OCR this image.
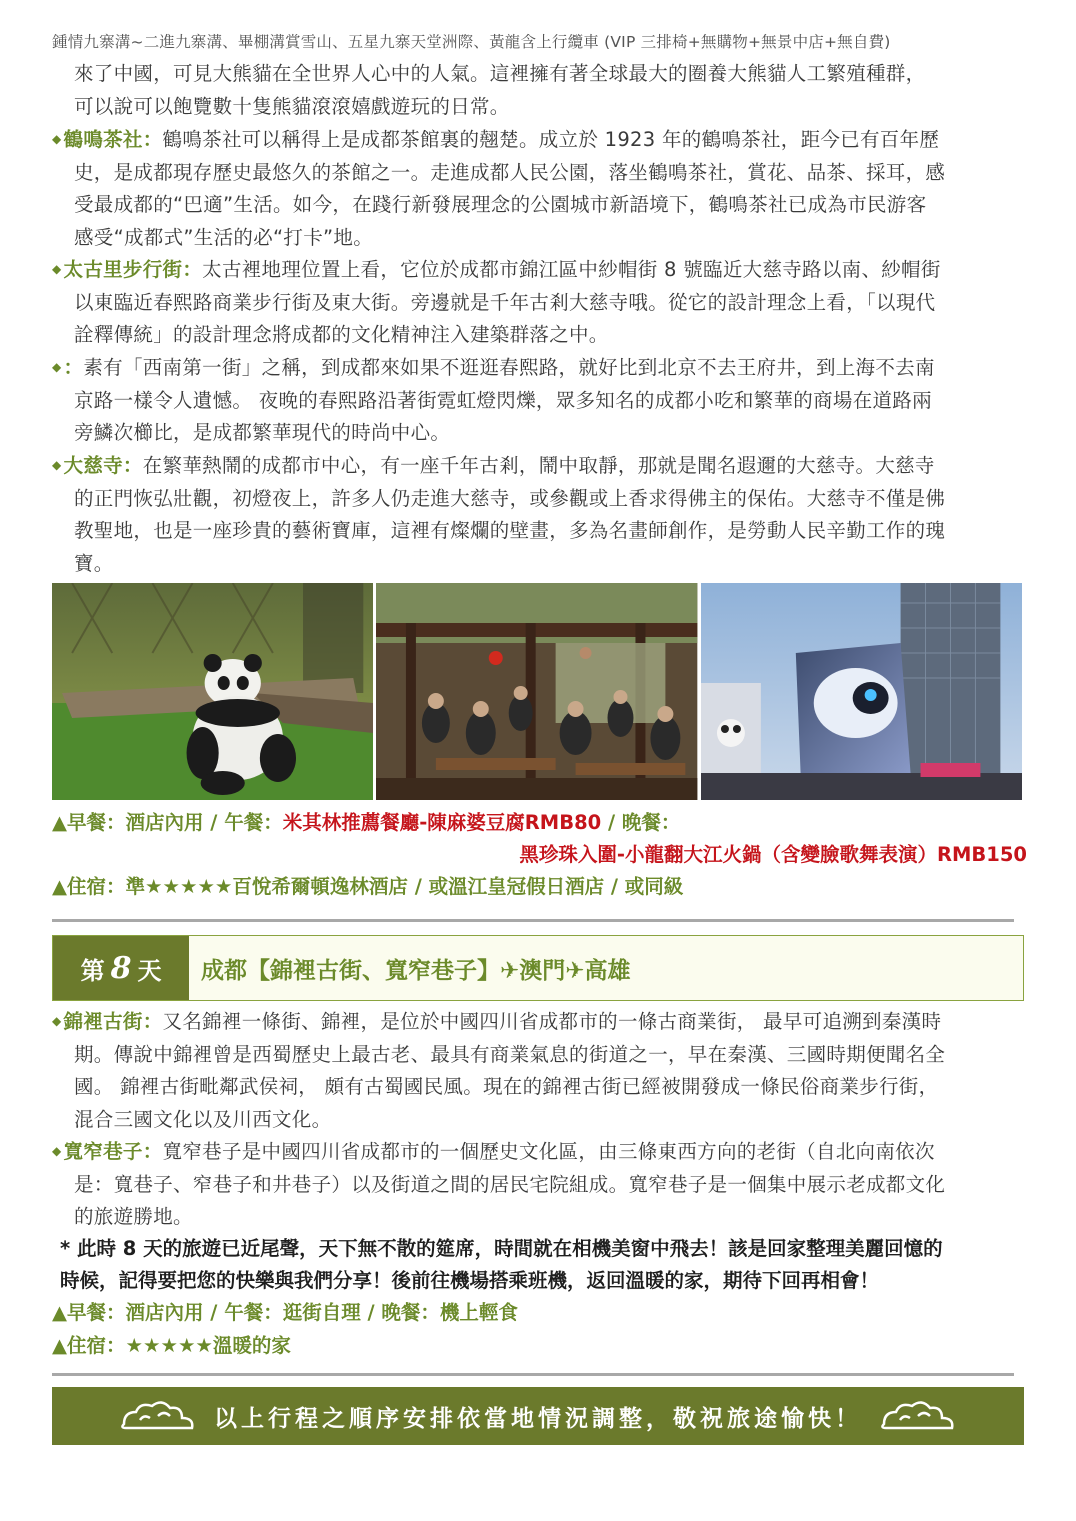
鍾情九寨溝~二進九寨溝、畢棚溝賞雪山、五星九寨天堂洲際、黃龍含上行纜車 (VIP 三排椅+無購物+無景中店+無自費)
來了中國，可見大熊貓在全世界人心中的人氣。這裡擁有著全球最大的圈養大熊貓人工繁殖種群，
可以說可以飽覽數十隻熊貓滾滾嬉戲遊玩的日常。
◆ 鶴鳴茶社：鶴鳴茶社可以稱得上是成都茶館裏的翹楚。成立於 1923 年的鶴鳴茶社，距今已有百年歷
史，是成都現存歷史最悠久的茶館之一。走進成都人民公園，落坐鶴鳴茶社，賞花、品茶、採耳，感
受最成都的“巴適”生活。如今，在踐行新發展理念的公園城市新語境下，鶴鳴茶社已成為市民游客
感受“成都式”生活的必“打卡”地。
◆ 太古里步行街：太古裡地理位置上看，它位於成都市錦江區中紗帽街 8 號臨近大慈寺路以南、紗帽街
以東臨近春熙路商業步行街及東大街。旁邊就是千年古剎大慈寺哦。從它的設計理念上看，「以現代
詮釋傳統」的設計理念將成都的文化精神注入建築群落之中。
◆ ：素有「西南第一街」之稱，到成都來如果不逛逛春熙路，就好比到北京不去王府井，到上海不去南
京路一樣令人遺憾。 夜晚的春熙路沿著街霓虹燈閃爍，眾多知名的成都小吃和繁華的商場在道路兩
旁鱗次櫛比，是成都繁華現代的時尚中心。
◆ 大慈寺：在繁華熱鬧的成都市中心，有一座千年古剎，鬧中取靜，那就是聞名遐邇的大慈寺。大慈寺
的正門恢弘壯觀，初燈夜上，許多人仍走進大慈寺，或參觀或上香求得佛主的保佑。大慈寺不僅是佛
教聖地，也是一座珍貴的藝術寶庫，這裡有燦爛的壁畫，多為名畫師創作，是勞動人民辛勤工作的瑰
寶。
▲早餐：酒店內用 / 午餐：米其林推薦餐廳-陳麻婆豆腐RMB80 / 晚餐：
黑珍珠入圍-小龍翻大江火鍋（含變臉歌舞表演）RMB150
▲住宿：準★★★★★百悅希爾頓逸林酒店 / 或溫江皇冠假日酒店 / 或同級
第 8 天 成都【錦裡古街、寬窄巷子】✈澳門✈高雄
◆ 錦裡古街：又名錦裡一條街、錦裡，是位於中國四川省成都市的一條古商業街， 最早可追溯到秦漢時
期。傳說中錦裡曾是西蜀歷史上最古老、最具有商業氣息的街道之一，早在秦漢、三國時期便聞名全
國。 錦裡古街毗鄰武侯祠， 頗有古蜀國民風。現在的錦裡古街已經被開發成一條民俗商業步行街，
混合三國文化以及川西文化。
◆ 寬窄巷子：寬窄巷子是中國四川省成都市的一個歷史文化區，由三條東西方向的老街（自北向南依次
是：寬巷子、窄巷子和井巷子）以及街道之間的居民宅院組成。寬窄巷子是一個集中展示老成都文化
的旅遊勝地。
* 此時 8 天的旅遊已近尾聲，天下無不散的筵席，時間就在相機美窗中飛去！該是回家整理美麗回憶的
時候，記得要把您的快樂與我們分享！後前往機場搭乘班機，返回溫暖的家，期待下回再相會！
▲早餐：酒店內用 / 午餐：逛街自理 / 晚餐：機上輕食
▲住宿：★★★★★溫暖的家
以上行程之順序安排依當地情況調整，敬祝旅途愉快！
